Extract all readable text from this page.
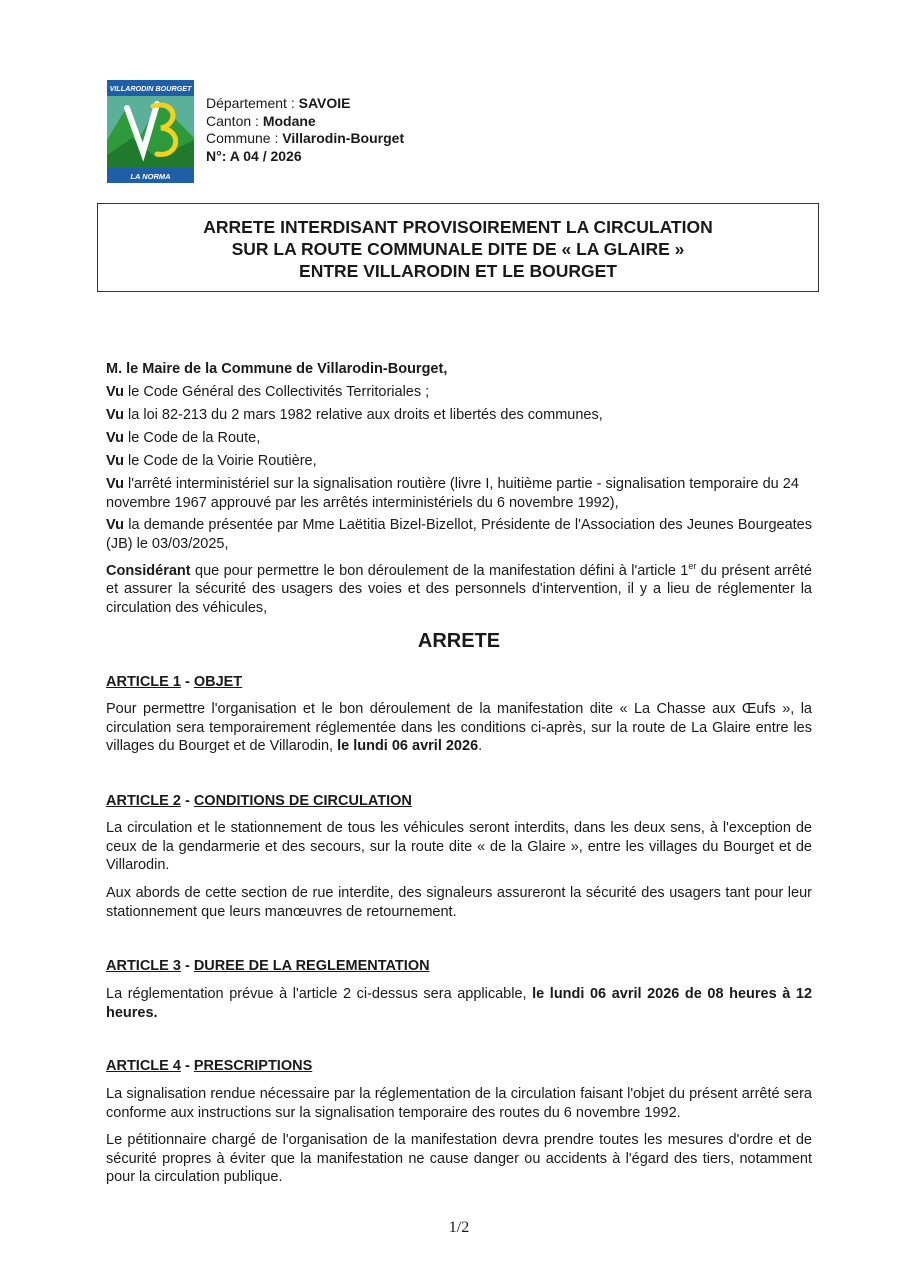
VILLARODIN BOURGET
LA NORMA
Département : SAVOIE
Canton : Modane
Commune : Villarodin-Bourget
N°: A 04 / 2026
ARRETE INTERDISANT PROVISOIREMENT LA CIRCULATION
SUR LA ROUTE COMMUNALE DITE DE « LA GLAIRE »
ENTRE VILLARODIN ET LE BOURGET
M. le Maire de la Commune de Villarodin-Bourget,
Vu le Code Général des Collectivités Territoriales ;
Vu la loi 82-213 du 2 mars 1982 relative aux droits et libertés des communes,
Vu le Code de la Route,
Vu le Code de la Voirie Routière,
Vu l'arrêté interministériel sur la signalisation routière (livre I, huitième partie - signalisation temporaire du 24 novembre 1967 approuvé par les arrêtés interministériels du 6 novembre 1992),
Vu la demande présentée par Mme Laëtitia Bizel-Bizellot, Présidente de l'Association des Jeunes Bourgeates (JB) le 03/03/2025,
Considérant que pour permettre le bon déroulement de la manifestation défini à l'article 1er du présent arrêté et assurer la sécurité des usagers des voies et des personnels d'intervention, il y a lieu de réglementer la circulation des véhicules,
ARRETE
ARTICLE 1 - OBJET
Pour permettre l'organisation et le bon déroulement de la manifestation dite « La Chasse aux Œufs », la circulation sera temporairement réglementée dans les conditions ci-après, sur la route de La Glaire entre les villages du Bourget et de Villarodin, le lundi 06 avril 2026.
ARTICLE 2 - CONDITIONS DE CIRCULATION
La circulation et le stationnement de tous les véhicules seront interdits, dans les deux sens, à l'exception de ceux de la gendarmerie et des secours, sur la route dite « de la Glaire », entre les villages du Bourget et de Villarodin.
Aux abords de cette section de rue interdite, des signaleurs assureront la sécurité des usagers tant pour leur stationnement que leurs manœuvres de retournement.
ARTICLE 3 - DUREE DE LA REGLEMENTATION
La réglementation prévue à l'article 2 ci-dessus sera applicable, le lundi 06 avril 2026 de 08 heures à 12 heures.
ARTICLE 4 - PRESCRIPTIONS
La signalisation rendue nécessaire par la réglementation de la circulation faisant l'objet du présent arrêté sera conforme aux instructions sur la signalisation temporaire des routes du 6 novembre 1992.
Le pétitionnaire chargé de l'organisation de la manifestation devra prendre toutes les mesures d'ordre et de sécurité propres à éviter que la manifestation ne cause danger ou accidents à l'égard des tiers, notamment pour la circulation publique.
1/2
